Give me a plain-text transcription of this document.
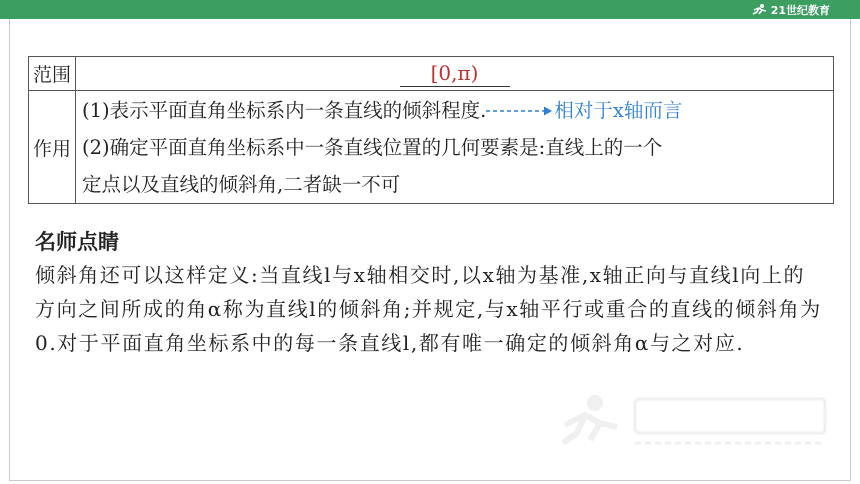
21世纪教育
范围	[0,π)

作用	(1)表示平面直角坐标系内一条直线的倾斜程度. 相对于x轴而言
(2)确定平面直角坐标系中一条直线位置的几何要素是:直线上的一个
定点以及直线的倾斜角,二者缺一不可
名师点睛
倾斜角还可以这样定义:当直线l与x轴相交时,以x轴为基准,x轴正向与直线l向上的方向之间所成的角α称为直线l的倾斜角;并规定,与x轴平行或重合的直线的倾斜角为0.对于平面直角坐标系中的每一条直线l,都有唯一确定的倾斜角α与之对应.
